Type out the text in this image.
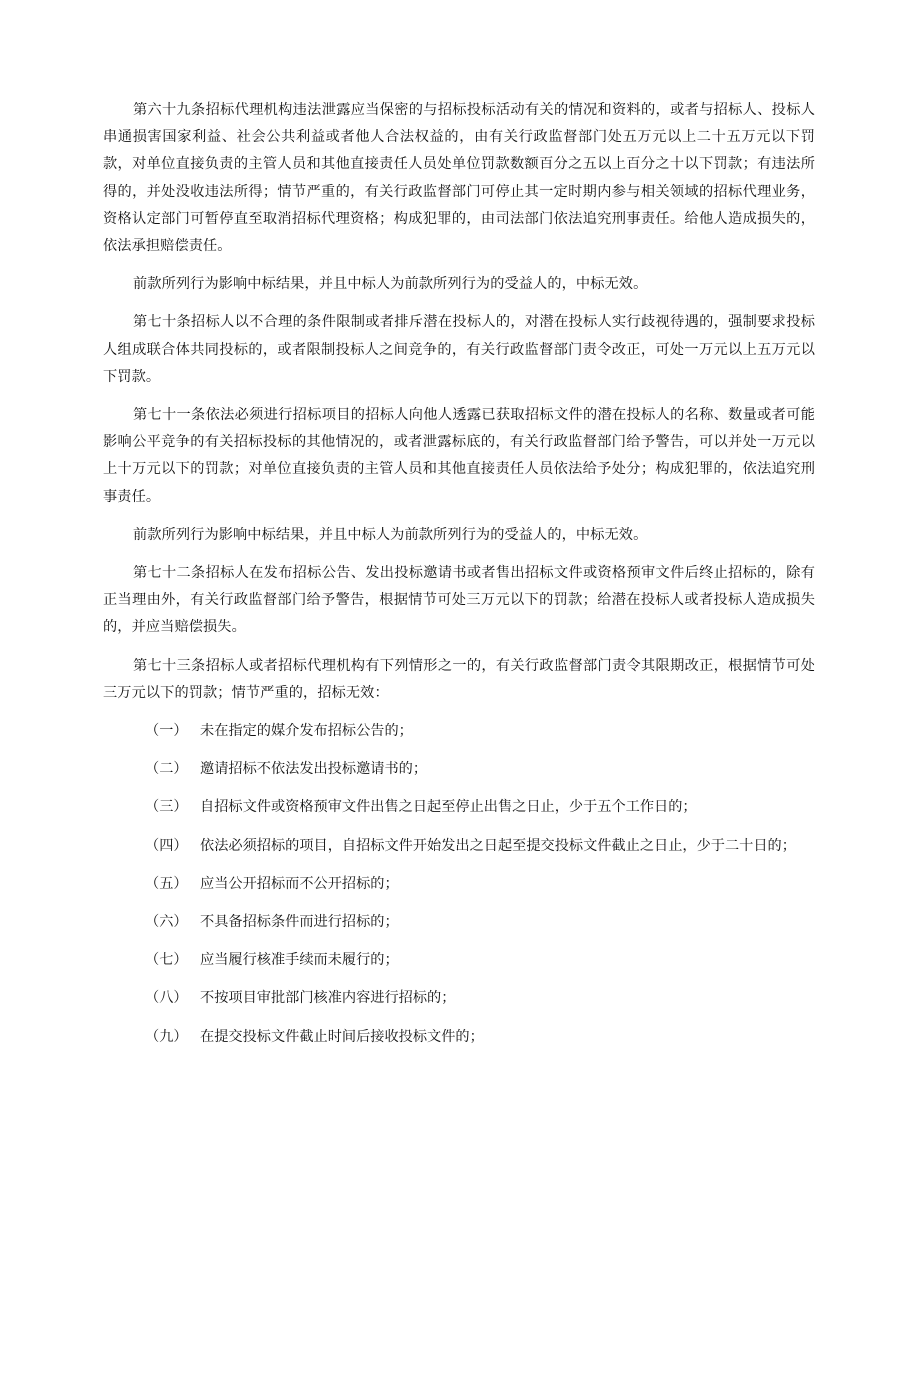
第六十九条招标代理机构违法泄露应当保密的与招标投标活动有关的情况和资料的，或者与招标人、投标人串通损害国家利益、社会公共利益或者他人合法权益的，由有关行政监督部门处五万元以上二十五万元以下罚款，对单位直接负责的主管人员和其他直接责任人员处单位罚款数额百分之五以上百分之十以下罚款；有违法所得的，并处没收违法所得；情节严重的，有关行政监督部门可停止其一定时期内参与相关领域的招标代理业务，资格认定部门可暂停直至取消招标代理资格；构成犯罪的，由司法部门依法追究刑事责任。给他人造成损失的，依法承担赔偿责任。

前款所列行为影响中标结果，并且中标人为前款所列行为的受益人的，中标无效。

第七十条招标人以不合理的条件限制或者排斥潜在投标人的，对潜在投标人实行歧视待遇的，强制要求投标人组成联合体共同投标的，或者限制投标人之间竞争的，有关行政监督部门责令改正，可处一万元以上五万元以下罚款。

第七十一条依法必须进行招标项目的招标人向他人透露已获取招标文件的潜在投标人的名称、数量或者可能影响公平竞争的有关招标投标的其他情况的，或者泄露标底的，有关行政监督部门给予警告，可以并处一万元以上十万元以下的罚款；对单位直接负责的主管人员和其他直接责任人员依法给予处分；构成犯罪的，依法追究刑事责任。

前款所列行为影响中标结果，并且中标人为前款所列行为的受益人的，中标无效。

第七十二条招标人在发布招标公告、发出投标邀请书或者售出招标文件或资格预审文件后终止招标的，除有正当理由外，有关行政监督部门给予警告，根据情节可处三万元以下的罚款；给潜在投标人或者投标人造成损失的，并应当赔偿损失。

第七十三条招标人或者招标代理机构有下列情形之一的，有关行政监督部门责令其限期改正，根据情节可处三万元以下的罚款；情节严重的，招标无效：

（一） 未在指定的媒介发布招标公告的；
（二） 邀请招标不依法发出投标邀请书的；
（三） 自招标文件或资格预审文件出售之日起至停止出售之日止，少于五个工作日的；
（四） 依法必须招标的项目，自招标文件开始发出之日起至提交投标文件截止之日止，少于二十日的；
（五） 应当公开招标而不公开招标的；
（六） 不具备招标条件而进行招标的；
（七） 应当履行核准手续而未履行的；
（八） 不按项目审批部门核准内容进行招标的；
（九） 在提交投标文件截止时间后接收投标文件的；
